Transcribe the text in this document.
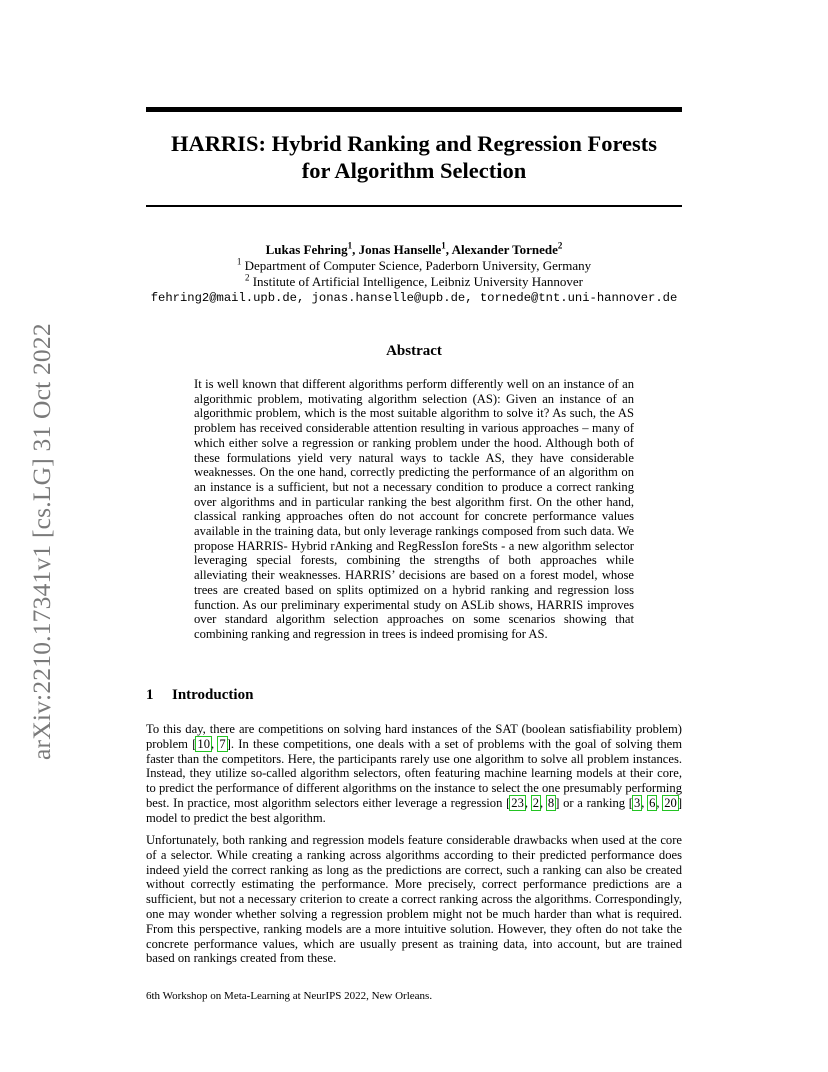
arXiv:2210.17341v1 [cs.LG] 31 Oct 2022
HARRIS: Hybrid Ranking and Regression Forests
for Algorithm Selection
Lukas Fehring$^1$, Jonas Hanselle$^1$, Alexander Tornede$^2$
$^1$ Department of Computer Science, Paderborn University, Germany
$^2$ Institute of Artificial Intelligence, Leibniz University Hannover
fehring2@mail.upb.de, jonas.hanselle@upb.de, tornede@tnt.uni-hannover.de
Abstract
It is well known that different algorithms perform differently well on an instance of an algorithmic problem, motivating algorithm selection (AS): Given an instance of an algorithmic problem, which is the most suitable algorithm to solve it? As such, the AS problem has received considerable attention resulting in various approaches – many of which either solve a regression or ranking problem under the hood. Although both of these formulations yield very natural ways to tackle AS, they have considerable weaknesses. On the one hand, correctly predicting the performance of an algorithm on an instance is a sufficient, but not a necessary condition to produce a correct ranking over algorithms and in particular ranking the best algorithm first. On the other hand, classical ranking approaches often do not account for concrete performance values available in the training data, but only leverage rankings composed from such data. We propose HARRIS- Hybrid rAnking and RegRessIon foreSts - a new algorithm selector leveraging special forests, combining the strengths of both approaches while alleviating their weaknesses. HARRIS’ decisions are based on a forest model, whose trees are created based on splits optimized on a hybrid ranking and regression loss function. As our preliminary experimental study on ASLib shows, HARRIS improves over standard algorithm selection approaches on some scenarios showing that combining ranking and regression in trees is indeed promising for AS.
1 Introduction
To this day, there are competitions on solving hard instances of the SAT (boolean satisfiability problem) problem [10, 7]. In these competitions, one deals with a set of problems with the goal of solving them faster than the competitors. Here, the participants rarely use one algorithm to solve all problem instances. Instead, they utilize so-called algorithm selectors, often featuring machine learning models at their core, to predict the performance of different algorithms on the instance to select the one presumably performing best. In practice, most algorithm selectors either leverage a regression [23, 2, 8] or a ranking [3, 6, 20] model to predict the best algorithm.
Unfortunately, both ranking and regression models feature considerable drawbacks when used at the core of a selector. While creating a ranking across algorithms according to their predicted performance does indeed yield the correct ranking as long as the predictions are correct, such a ranking can also be created without correctly estimating the performance. More precisely, correct performance predictions are a sufficient, but not a necessary criterion to create a correct ranking across the algorithms. Correspondingly, one may wonder whether solving a regression problem might not be much harder than what is required. From this perspective, ranking models are a more intuitive solution. However, they often do not take the concrete performance values, which are usually present as training data, into account, but are trained based on rankings created from these.
6th Workshop on Meta-Learning at NeurIPS 2022, New Orleans.
